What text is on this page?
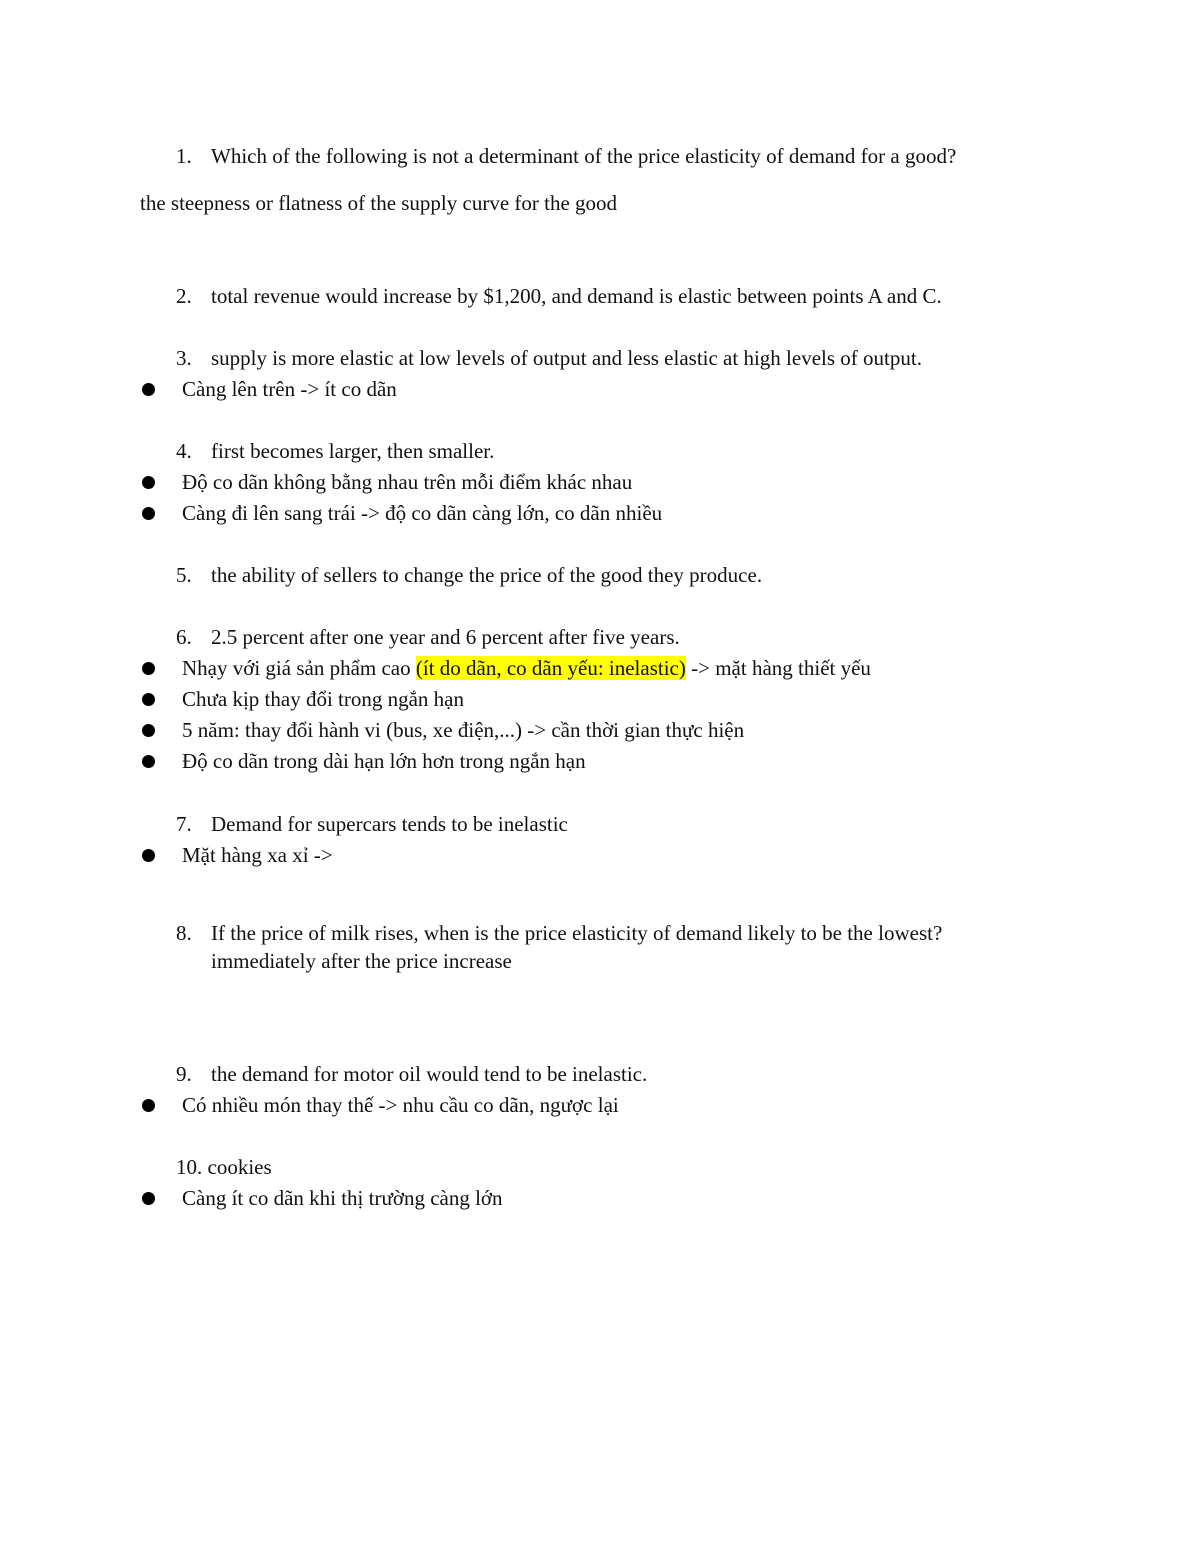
1. Which of the following is not a determinant of the price elasticity of demand for a good?
the steepness or flatness of the supply curve for the good
2. total revenue would increase by $1,200, and demand is elastic between points A and C.
3. supply is more elastic at low levels of output and less elastic at high levels of output.
Càng lên trên -> ít co dãn
4. first becomes larger, then smaller.
Độ co dãn không bằng nhau trên mỗi điểm khác nhau
Càng đi lên sang trái -> độ co dãn càng lớn, co dãn nhiều
5. the ability of sellers to change the price of the good they produce.
6. 2.5 percent after one year and 6 percent after five years.
Nhạy với giá sản phẩm cao (ít do dãn, co dãn yếu: inelastic) -> mặt hàng thiết yếu
Chưa kịp thay đổi trong ngắn hạn
5 năm: thay đổi hành vi (bus, xe điện,...) -> cần thời gian thực hiện
Độ co dãn trong dài hạn lớn hơn trong ngắn hạn
7. Demand for supercars tends to be inelastic
Mặt hàng xa xỉ ->
8. If the price of milk rises, when is the price elasticity of demand likely to be the lowest?
immediately after the price increase
9. the demand for motor oil would tend to be inelastic.
Có nhiều món thay thế -> nhu cầu co dãn, ngược lại
10. cookies
Càng ít co dãn khi thị trường càng lớn
